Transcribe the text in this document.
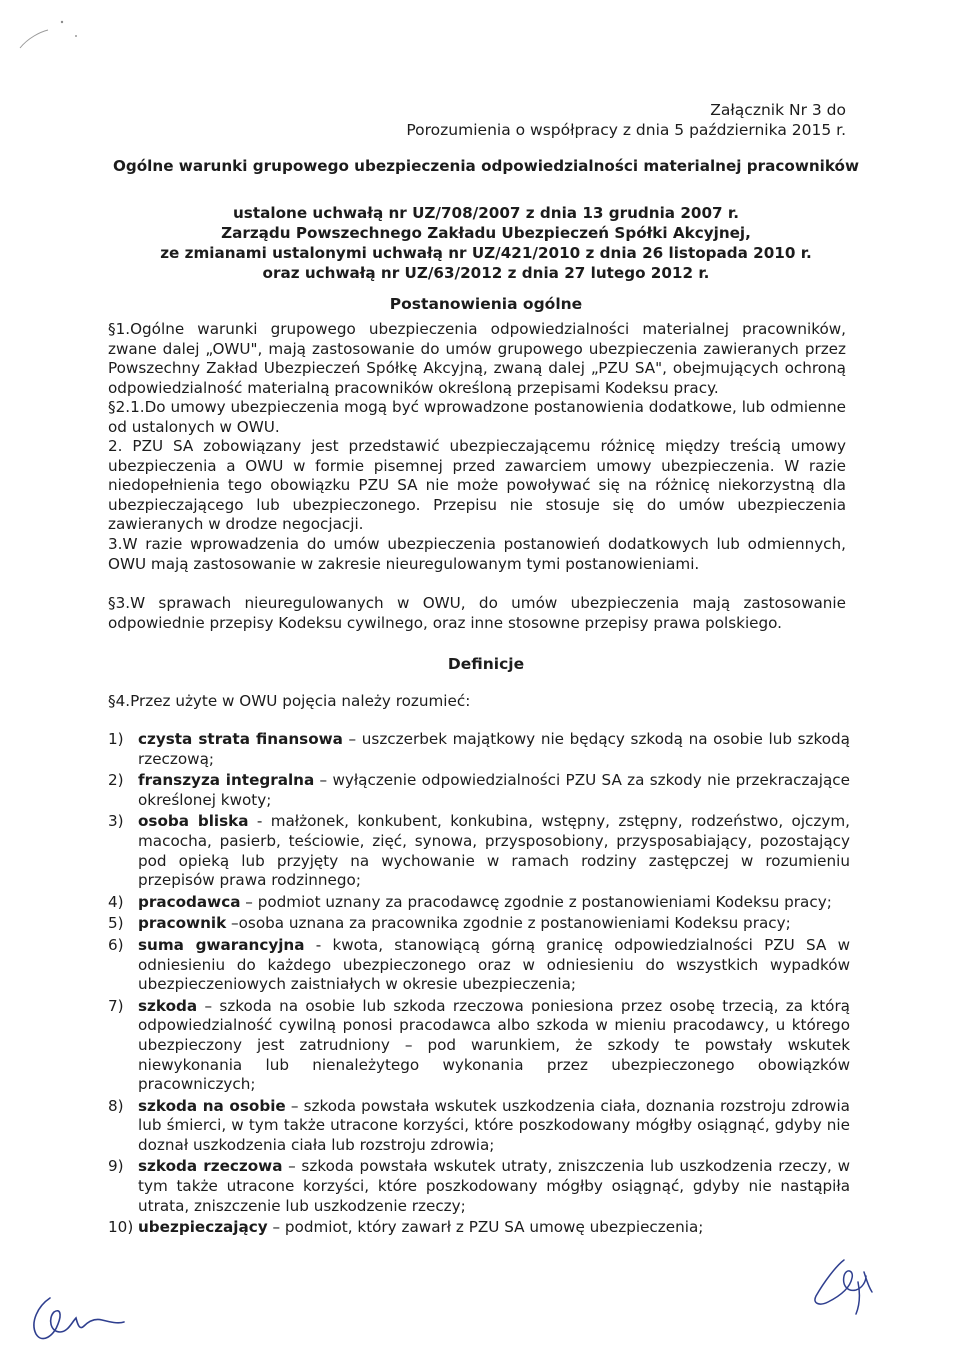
Załącznik Nr 3 do
Porozumienia o współpracy z dnia 5 października 2015 r.
Ogólne warunki grupowego ubezpieczenia odpowiedzialności materialnej pracowników
ustalone uchwałą nr UZ/708/2007 z dnia 13 grudnia 2007 r.
Zarządu Powszechnego Zakładu Ubezpieczeń Spółki Akcyjnej,
ze zmianami ustalonymi uchwałą nr UZ/421/2010 z dnia 26 listopada 2010 r.
oraz uchwałą nr UZ/63/2012 z dnia 27 lutego 2012 r.
Postanowienia ogólne
§1.Ogólne warunki grupowego ubezpieczenia odpowiedzialności materialnej pracowników, zwane dalej „OWU", mają zastosowanie do umów grupowego ubezpieczenia zawieranych przez Powszechny Zakład Ubezpieczeń Spółkę Akcyjną, zwaną dalej „PZU SA", obejmujących ochroną odpowiedzialność materialną pracowników określoną przepisami Kodeksu pracy.
§2.1.Do umowy ubezpieczenia mogą być wprowadzone postanowienia dodatkowe, lub odmienne od ustalonych w OWU.
2. PZU SA zobowiązany jest przedstawić ubezpieczającemu różnicę między treścią umowy ubezpieczenia a OWU w formie pisemnej przed zawarciem umowy ubezpieczenia. W razie niedopełnienia tego obowiązku PZU SA nie może powoływać się na różnicę niekorzystną dla ubezpieczającego lub ubezpieczonego. Przepisu nie stosuje się do umów ubezpieczenia zawieranych w drodze negocjacji.
3.W razie wprowadzenia do umów ubezpieczenia postanowień dodatkowych lub odmiennych, OWU mają zastosowanie w zakresie nieuregulowanym tymi postanowieniami.
§3.W sprawach nieuregulowanych w OWU, do umów ubezpieczenia mają zastosowanie odpowiednie przepisy Kodeksu cywilnego, oraz inne stosowne przepisy prawa polskiego.
Definicje
§4.Przez użyte w OWU pojęcia należy rozumieć:
1) czysta strata finansowa – uszczerbek majątkowy nie będący szkodą na osobie lub szkodą rzeczową;
2) franszyza integralna – wyłączenie odpowiedzialności PZU SA za szkody nie przekraczające określonej kwoty;
3) osoba bliska - małżonek, konkubent, konkubina, wstępny, zstępny, rodzeństwo, ojczym, macocha, pasierb, teściowie, zięć, synowa, przysposobiony, przysposabiający, pozostający pod opieką lub przyjęty na wychowanie w ramach rodziny zastępczej w rozumieniu przepisów prawa rodzinnego;
4) pracodawca – podmiot uznany za pracodawcę zgodnie z postanowieniami Kodeksu pracy;
5) pracownik –osoba uznana za pracownika zgodnie z postanowieniami Kodeksu pracy;
6) suma gwarancyjna - kwota, stanowiącą górną granicę odpowiedzialności PZU SA w odniesieniu do każdego ubezpieczonego oraz w odniesieniu do wszystkich wypadków ubezpieczeniowych zaistniałych w okresie ubezpieczenia;
7) szkoda – szkoda na osobie lub szkoda rzeczowa poniesiona przez osobę trzecią, za którą odpowiedzialność cywilną ponosi pracodawca albo szkoda w mieniu pracodawcy, u którego ubezpieczony jest zatrudniony – pod warunkiem, że szkody te powstały wskutek niewykonania lub nienależytego wykonania przez ubezpieczonego obowiązków pracowniczych;
8) szkoda na osobie – szkoda powstała wskutek uszkodzenia ciała, doznania rozstroju zdrowia lub śmierci, w tym także utracone korzyści, które poszkodowany mógłby osiągnąć, gdyby nie doznał uszkodzenia ciała lub rozstroju zdrowia;
9) szkoda rzeczowa – szkoda powstała wskutek utraty, zniszczenia lub uszkodzenia rzeczy, w tym także utracone korzyści, które poszkodowany mógłby osiągnąć, gdyby nie nastąpiła utrata, zniszczenie lub uszkodzenie rzeczy;
10) ubezpieczający – podmiot, który zawarł z PZU SA umowę ubezpieczenia;
